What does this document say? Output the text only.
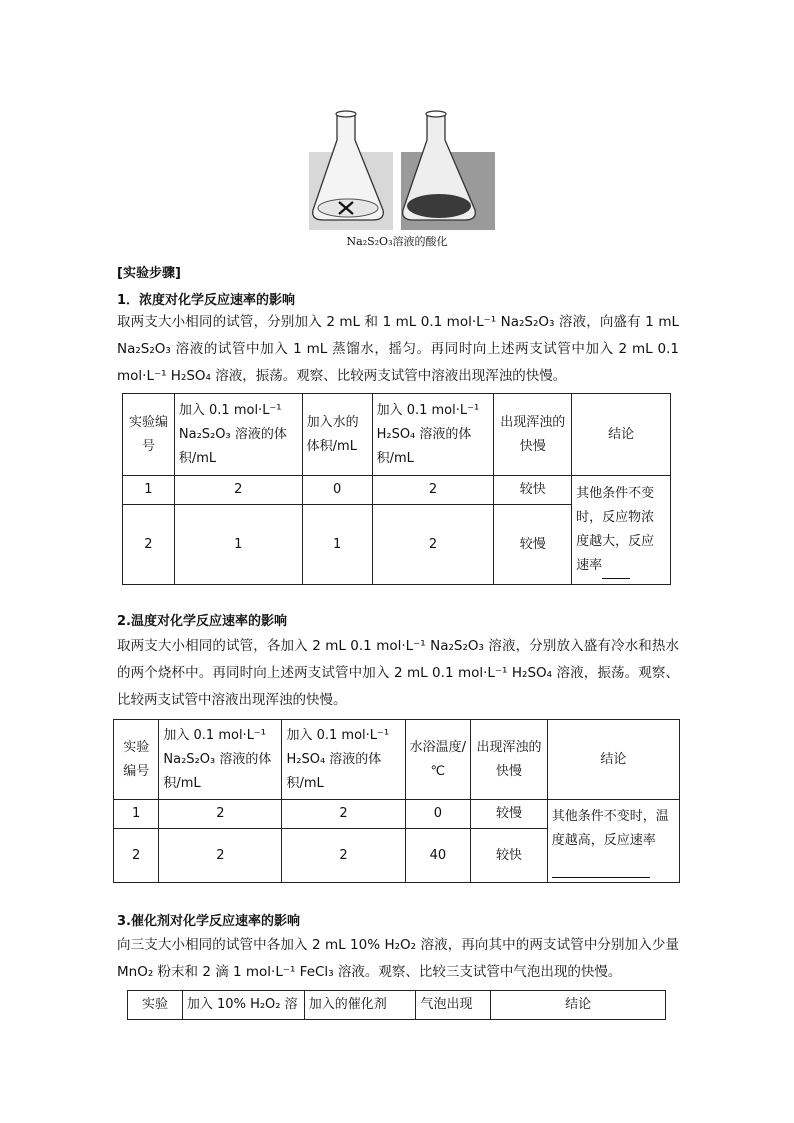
Na₂S₂O₃溶液的酸化
[实验步骤]
1．浓度对化学反应速率的影响
取两支大小相同的试管，分别加入 2 mL 和 1 mL 0.1 mol·L⁻¹ Na₂S₂O₃ 溶液，向盛有 1 mL Na₂S₂O₃ 溶液的试管中加入 1 mL 蒸馏水，摇匀。再同时向上述两支试管中加入 2 mL 0.1 mol·L⁻¹ H₂SO₄ 溶液，振荡。观察、比较两支试管中溶液出现浑浊的快慢。
实验编号	加入 0.1 mol·L⁻¹ Na₂S₂O₃ 溶液的体积/mL	加入水的体积/mL	加入 0.1 mol·L⁻¹ H₂SO₄ 溶液的体积/mL	出现浑浊的快慢	结论
1	2	0	2	较快	其他条件不变时，反应物浓度越大，反应速率
2	1	1	2	较慢	
2.温度对化学反应速率的影响
取两支大小相同的试管，各加入 2 mL 0.1 mol·L⁻¹ Na₂S₂O₃ 溶液，分别放入盛有冷水和热水的两个烧杯中。再同时向上述两支试管中加入 2 mL 0.1 mol·L⁻¹ H₂SO₄ 溶液，振荡。观察、比较两支试管中溶液出现浑浊的快慢。
实验编号	加入 0.1 mol·L⁻¹ Na₂S₂O₃ 溶液的体积/mL	加入 0.1 mol·L⁻¹ H₂SO₄ 溶液的体积/mL	水浴温度/℃	出现浑浊的快慢	结论
1	2	2	0	较慢	其他条件不变时，温度越高，反应速率
2	2	2	40	较快	
3.催化剂对化学反应速率的影响
向三支大小相同的试管中各加入 2 mL 10% H₂O₂ 溶液，再向其中的两支试管中分别加入少量 MnO₂ 粉末和 2 滴 1 mol·L⁻¹ FeCl₃ 溶液。观察、比较三支试管中气泡出现的快慢。
实验	加入 10% H₂O₂ 溶	加入的催化剂	气泡出现	结论
